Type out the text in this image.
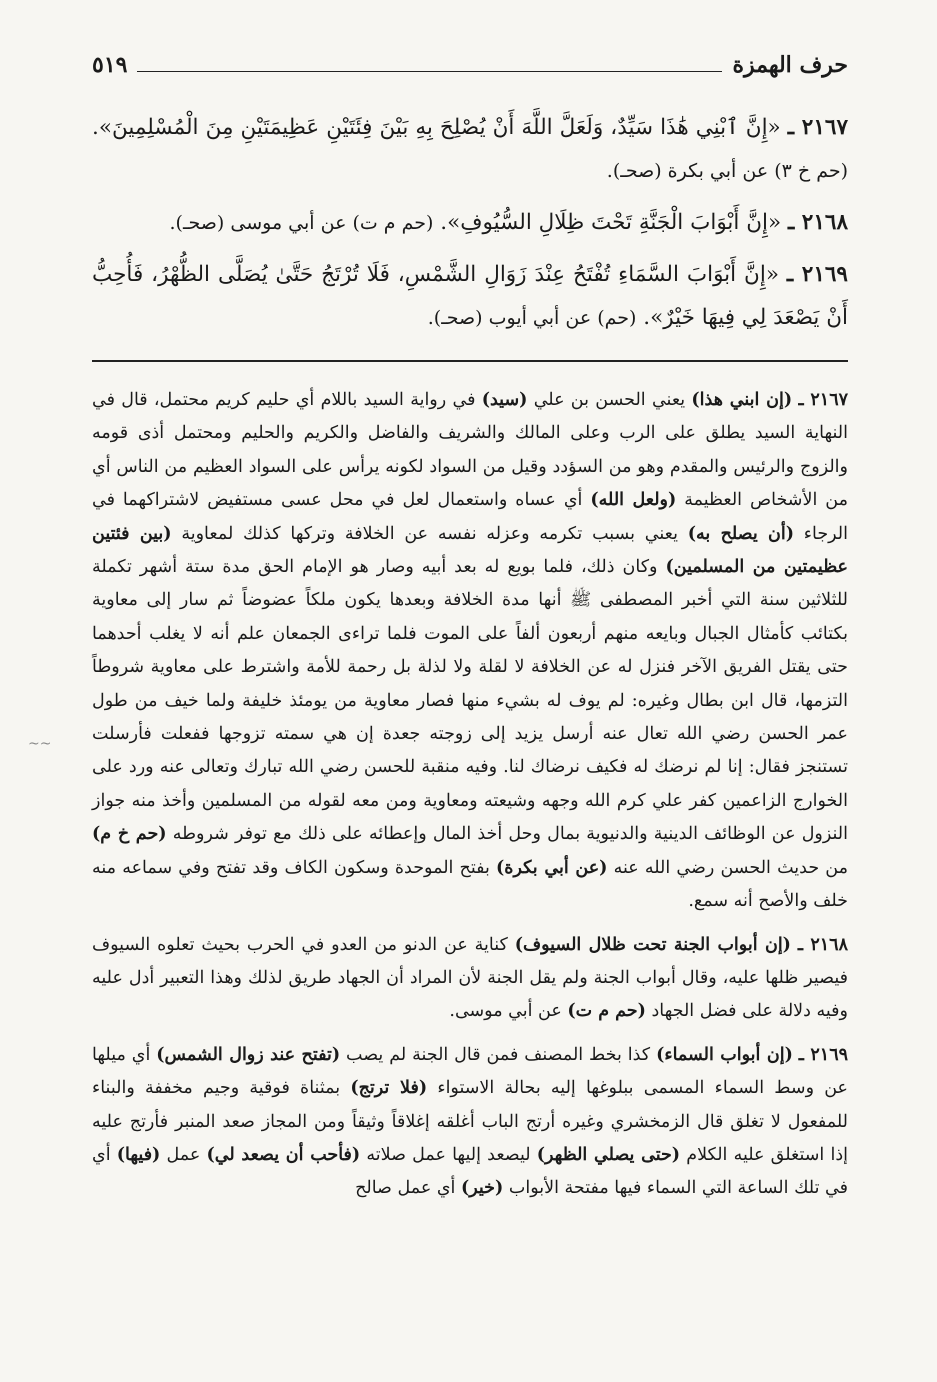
حرف الهمزة
٥١٩

٢١٦٧ ـ «إِنَّ ٱبْنِي هَٰذَا سَيِّدٌ، وَلَعَلَّ اللَّهَ أَنْ يُصْلِحَ بِهِ بَيْنَ فِئَتَيْنِ عَظِيمَتَيْنِ مِنَ الْمُسْلِمِينَ». (حم خ ٣) عن أبي بكرة (صحـ).

٢١٦٨ ـ «إِنَّ أَبْوَابَ الْجَنَّةِ تَحْتَ ظِلَالِ السُّيُوفِ». (حم م ت) عن أبي موسى (صحـ).

٢١٦٩ ـ «إِنَّ أَبْوَابَ السَّمَاءِ تُفْتَحُ عِنْدَ زَوَالِ الشَّمْسِ، فَلَا تُرْتَجُ حَتَّىٰ يُصَلَّى الظُّهْرُ، فَأُحِبُّ أَنْ يَصْعَدَ لِي فِيهَا خَيْرٌ». (حم) عن أبي أيوب (صحـ).

٢١٦٧ ـ (إن ابني هذا) يعني الحسن بن علي (سيد) في رواية السيد باللام أي حليم كريم محتمل، قال في النهاية السيد يطلق على الرب وعلى المالك والشريف والفاضل والكريم والحليم ومحتمل أذى قومه والزوج والرئيس والمقدم وهو من السؤدد وقيل من السواد لكونه يرأس على السواد العظيم من الناس أي من الأشخاص العظيمة (ولعل الله) أي عساه واستعمال لعل في محل عسى مستفيض لاشتراكهما في الرجاء (أن يصلح به) يعني بسبب تكرمه وعزله نفسه عن الخلافة وتركها كذلك لمعاوية (بين فئتين عظيمتين من المسلمين) وكان ذلك، فلما بويع له بعد أبيه وصار هو الإمام الحق مدة ستة أشهر تكملة للثلاثين سنة التي أخبر المصطفى ﷺ أنها مدة الخلافة وبعدها يكون ملكاً عضوضاً ثم سار إلى معاوية بكتائب كأمثال الجبال وبايعه منهم أربعون ألفاً على الموت فلما تراءى الجمعان علم أنه لا يغلب أحدهما حتى يقتل الفريق الآخر فنزل له عن الخلافة لا لقلة ولا لذلة بل رحمة للأمة واشترط على معاوية شروطاً التزمها، قال ابن بطال وغيره: لم يوف له بشيء منها فصار معاوية من يومئذ خليفة ولما خيف من طول عمر الحسن رضي الله تعال عنه أرسل يزيد إلى زوجته جعدة إن هي سمته تزوجها ففعلت فأرسلت تستنجز فقال: إنا لم نرضك له فكيف نرضاك لنا. وفيه منقبة للحسن رضي الله تبارك وتعالى عنه ورد على الخوارج الزاعمين كفر علي كرم الله وجهه وشيعته ومعاوية ومن معه لقوله من المسلمين وأخذ منه جواز النزول عن الوظائف الدينية والدنيوية بمال وحل أخذ المال وإعطائه على ذلك مع توفر شروطه (حم خ م) من حديث الحسن رضي الله عنه (عن أبي بكرة) بفتح الموحدة وسكون الكاف وقد تفتح وفي سماعه منه خلف والأصح أنه سمع.

٢١٦٨ ـ (إن أبواب الجنة تحت ظلال السيوف) كناية عن الدنو من العدو في الحرب بحيث تعلوه السيوف فيصير ظلها عليه، وقال أبواب الجنة ولم يقل الجنة لأن المراد أن الجهاد طريق لذلك وهذا التعبير أدل عليه وفيه دلالة على فضل الجهاد (حم م ت) عن أبي موسى.

٢١٦٩ ـ (إن أبواب السماء) كذا بخط المصنف فمن قال الجنة لم يصب (تفتح عند زوال الشمس) أي ميلها عن وسط السماء المسمى ببلوغها إليه بحالة الاستواء (فلا ترتج) بمثناة فوقية وجيم مخففة والبناء للمفعول لا تغلق قال الزمخشري وغيره أرتج الباب أغلقه إغلاقاً وثيقاً ومن المجاز صعد المنبر فأرتج عليه إذا استغلق عليه الكلام (حتى يصلي الظهر) ليصعد إليها عمل صلاته (فأحب أن يصعد لي) عمل (فيها) أي في تلك الساعة التي السماء فيها مفتحة الأبواب (خير) أي عمل صالح

~~
